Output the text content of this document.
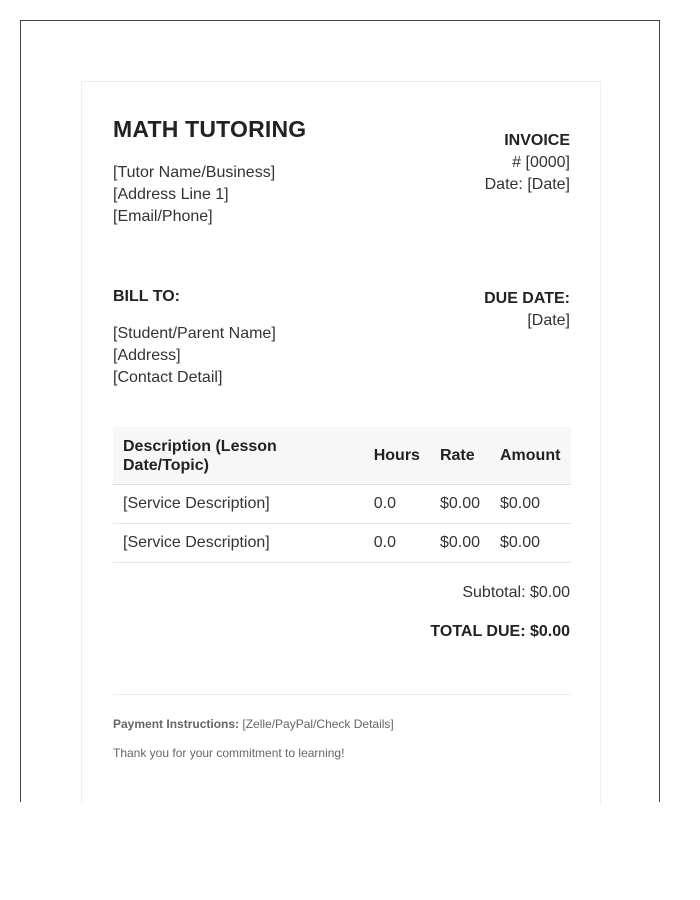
MATH TUTORING
[Tutor Name/Business]
[Address Line 1]
[Email/Phone]
INVOICE
# [0000]
Date: [Date]
BILL TO:
[Student/Parent Name]
[Address]
[Contact Detail]
DUE DATE:
[Date]
Description (Lesson Date/Topic)	Hours	Rate	Amount
[Service Description]	0.0	$0.00	$0.00
[Service Description]	0.0	$0.00	$0.00
Subtotal: $0.00
TOTAL DUE: $0.00
Payment Instructions: [Zelle/PayPal/Check Details]
Thank you for your commitment to learning!
